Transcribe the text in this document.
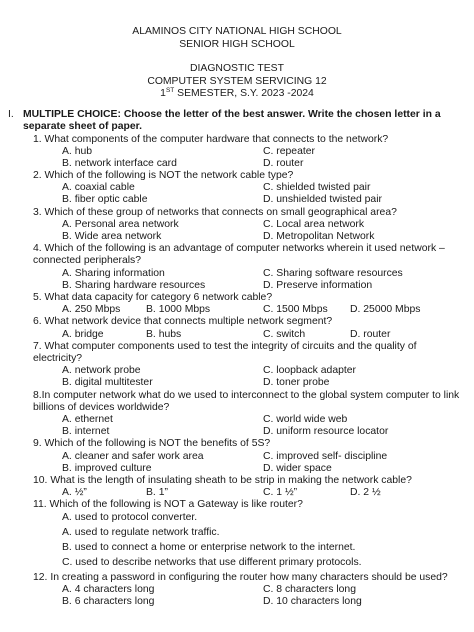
ALAMINOS CITY NATIONAL HIGH SCHOOL
SENIOR HIGH SCHOOL
DIAGNOSTIC TEST
COMPUTER SYSTEM SERVICING 12
1ST SEMESTER, S.Y. 2023 -2024
I. MULTIPLE CHOICE: Choose the letter of the best answer. Write the chosen letter in a separate sheet of paper.
1. What components of the computer hardware that connects to the network?
A. hub	C. repeater
B. network interface card	D. router
2. Which of the following is NOT the network cable type?
A. coaxial cable	C. shielded twisted pair
B. fiber optic cable	D. unshielded twisted pair
3. Which of these group of networks that connects on small geographical area?
A. Personal area network	C. Local area network
B. Wide area network	D. Metropolitan Network
4. Which of the following is an advantage of computer networks wherein it used network – connected peripherals?
A. Sharing information	C. Sharing software resources
B. Sharing hardware resources	D. Preserve information
5. What data capacity for category 6 network cable?
A. 250 Mbps B. 1000 Mbps	C. 1500 Mbps D. 25000 Mbps
6. What network device that connects multiple network segment?
A. bridge	B. hubs	C. switch	D. router
7. What computer components used to test the integrity of circuits and the quality of electricity?
A. network probe	C. loopback adapter
B. digital multitester	D. toner probe
8.In computer network what do we used to interconnect to the global system computer to link billions of devices worldwide?
A. ethernet	C. world wide web
B. internet	D. uniform resource locator
9. Which of the following is NOT the benefits of 5S?
A. cleaner and safer work area	C. improved self- discipline
B. improved culture	D. wider space
10. What is the length of insulating sheath to be strip in making the network cable?
A. ½”	B. 1”	C. 1 ½”	D. 2 ½
11. Which of the following is NOT a Gateway is like router?
A. used to protocol converter.
A. used to regulate network traffic.
B. used to connect a home or enterprise network to the internet.
C. used to describe networks that use different primary protocols.
12. In creating a password in configuring the router how many characters should be used?
A. 4 characters long	C. 8 characters long
B. 6 characters long	D. 10 characters long
